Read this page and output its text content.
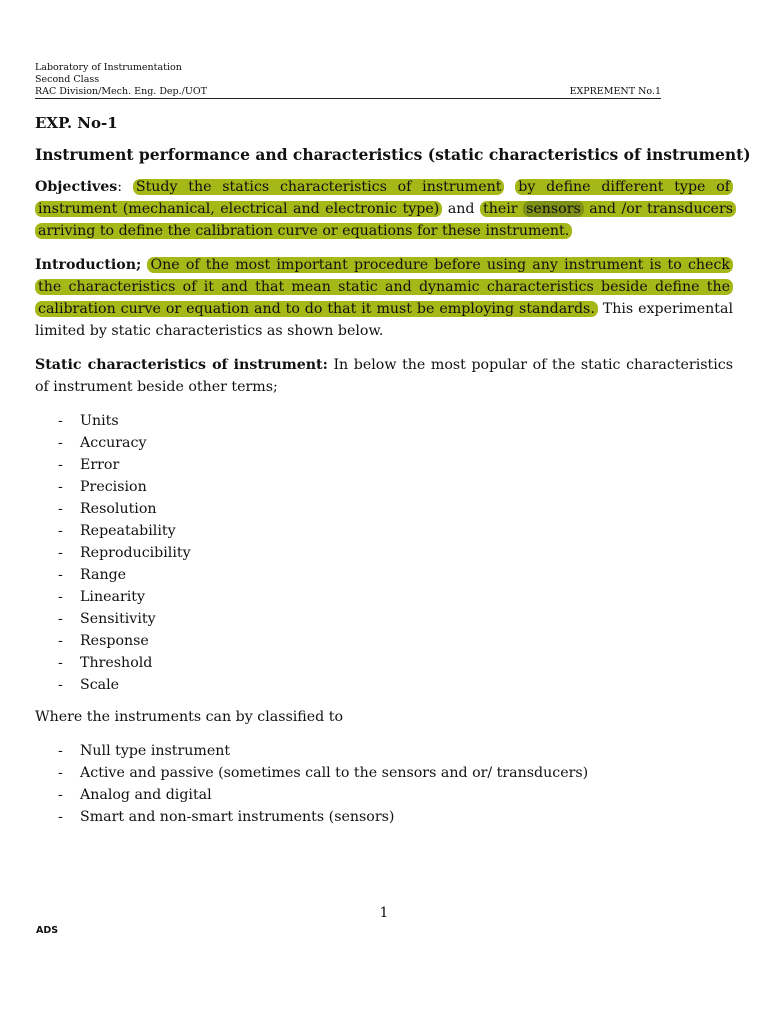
Laboratory of Instrumentation
Second Class
RAC Division/Mech. Eng. Dep./UOT	EXPREMENT No.1
EXP. No-1
Instrument performance and characteristics (static characteristics of instrument)

Objectives: Study the statics characteristics of instrument by define different type of instrument (mechanical, electrical and electronic type) and their sensors and /or transducers arriving to define the calibration curve or equations for these instrument.

Introduction; One of the most important procedure before using any instrument is to check the characteristics of it and that mean static and dynamic characteristics beside define the calibration curve or equation and to do that it must be employing standards. This experimental limited by static characteristics as shown below.

Static characteristics of instrument: In below the most popular of the static characteristics of instrument beside other terms;

- Units
- Accuracy
- Error
- Precision
- Resolution
- Repeatability
- Reproducibility
- Range
- Linearity
- Sensitivity
- Response
- Threshold
- Scale

Where the instruments can by classified to

- Null type instrument
- Active and passive (sometimes call to the sensors and or/ transducers)
- Analog and digital
- Smart and non-smart instruments (sensors)
1
ADS
